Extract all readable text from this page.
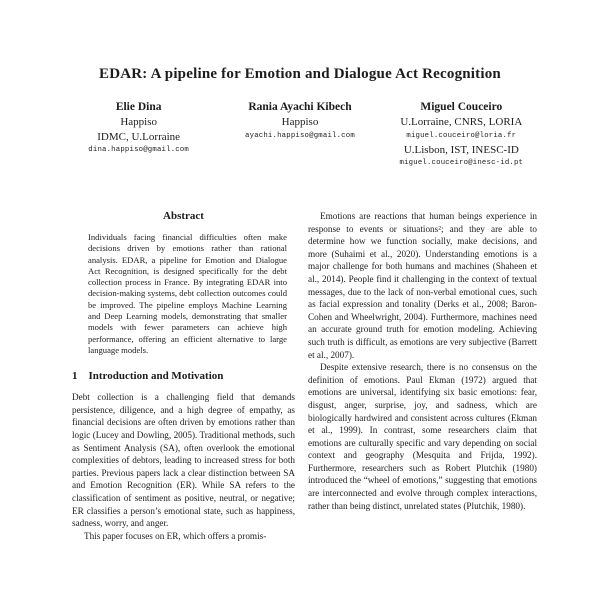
EDAR: A pipeline for Emotion and Dialogue Act Recognition
Elie Dina
Happiso
IDMC, U.Lorraine
dina.happiso@gmail.com
Rania Ayachi Kibech
Happiso
ayachi.happiso@gmail.com
Miguel Couceiro
U.Lorraine, CNRS, LORIA
miguel.couceiro@loria.fr
U.Lisbon, IST, INESC-ID
miguel.couceiro@inesc-id.pt
Abstract

Individuals facing financial difficulties often make decisions driven by emotions rather than rational analysis. EDAR, a pipeline for Emotion and Dialogue Act Recognition, is designed specifically for the debt collection process in France. By integrating EDAR into decision-making systems, debt collection outcomes could be improved. The pipeline employs Machine Learning and Deep Learning models, demonstrating that smaller models with fewer parameters can achieve high performance, offering an efficient alternative to large language models.

1 Introduction and Motivation

Debt collection is a challenging field that demands persistence, diligence, and a high degree of empathy, as financial decisions are often driven by emotions rather than logic (Lucey and Dowling, 2005). Traditional methods, such as Sentiment Analysis (SA), often overlook the emotional complexities of debtors, leading to increased stress for both parties. Previous papers lack a clear distinction between SA and Emotion Recognition (ER). While SA refers to the classification of sentiment as positive, neutral, or negative; ER classifies a person’s emotional state, such as happiness, sadness, worry, and anger.

This paper focuses on ER, which offers a promis-

Emotions are reactions that human beings experience in response to events or situations²; and they are able to determine how we function socially, make decisions, and more (Suhaimi et al., 2020). Understanding emotions is a major challenge for both humans and machines (Shaheen et al., 2014). People find it challenging in the context of textual messages, due to the lack of non-verbal emotional cues, such as facial expression and tonality (Derks et al., 2008; Baron-Cohen and Wheelwright, 2004). Furthermore, machines need an accurate ground truth for emotion modeling. Achieving such truth is difficult, as emotions are very subjective (Barrett et al., 2007).

Despite extensive research, there is no consensus on the definition of emotions. Paul Ekman (1972) argued that emotions are universal, identifying six basic emotions: fear, disgust, anger, surprise, joy, and sadness, which are biologically hardwired and consistent across cultures (Ekman et al., 1999). In contrast, some researchers claim that emotions are culturally specific and vary depending on social context and geography (Mesquita and Frijda, 1992). Furthermore, researchers such as Robert Plutchik (1980) introduced the “wheel of emotions,” suggesting that emotions are interconnected and evolve through complex interactions, rather than being distinct, unrelated states (Plutchik, 1980).
